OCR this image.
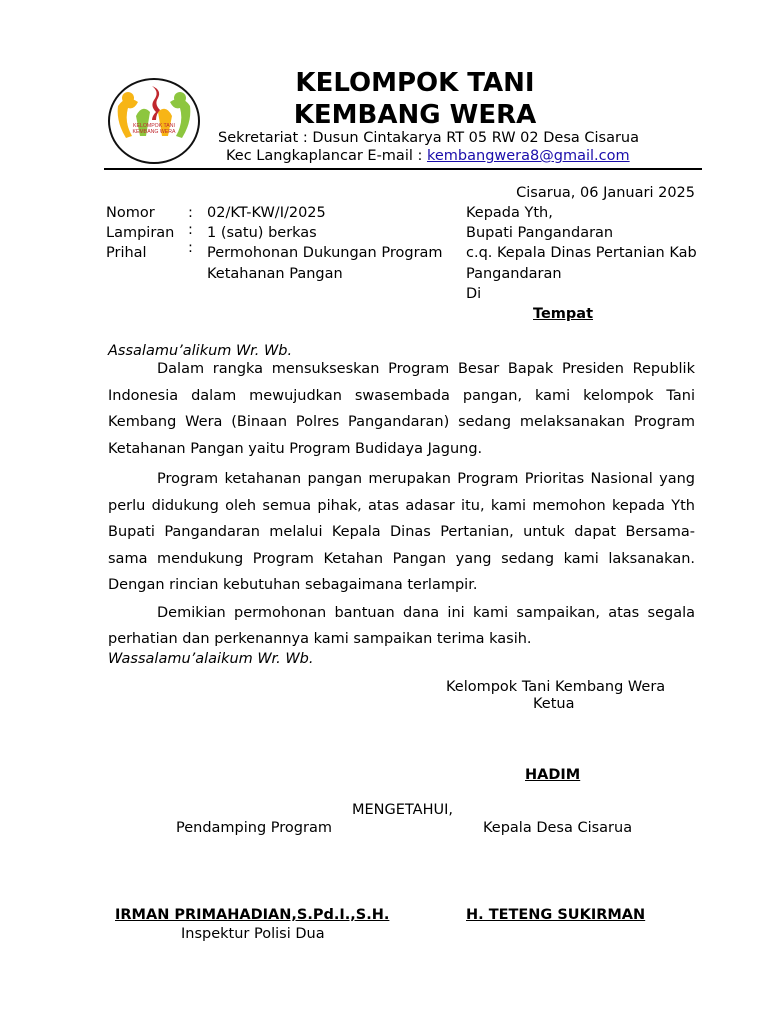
KELOMPOK TANI
KEMBANG WERA
KELOMPOK TANI
KEMBANG WERA
Sekretariat : Dusun Cintakarya RT 05 RW 02 Desa Cisarua
Kec Langkaplancar E-mail : kembangwera8@gmail.com
Cisarua, 06 Januari 2025
Nomor : 02/KT-KW/I/2025
Lampiran : 1 (satu) berkas
Prihal	: Permohonan Dukungan Program
Ketahanan Pangan
Kepada Yth,
Bupati Pangandaran
c.q. Kepala Dinas Pertanian Kab
Pangandaran
Di
Tempat
Assalamu’alikum Wr. Wb.

Dalam rangka mensukseskan Program Besar Bapak Presiden Republik Indonesia dalam mewujudkan swasembada pangan, kami kelompok Tani Kembang Wera (Binaan Polres Pangandaran) sedang melaksanakan Program Ketahanan Pangan yaitu Program Budidaya Jagung.

Program ketahanan pangan merupakan Program Prioritas Nasional yang perlu didukung oleh semua pihak, atas adasar itu, kami memohon kepada Yth Bupati Pangandaran melalui Kepala Dinas Pertanian, untuk dapat Bersama-sama mendukung Program Ketahan Pangan yang sedang kami laksanakan. Dengan rincian kebutuhan sebagaimana terlampir.

Demikian permohonan bantuan dana ini kami sampaikan, atas segala perhatian dan perkenannya kami sampaikan terima kasih.

Wassalamu’alaikum Wr. Wb.
Kelompok Tani Kembang Wera
Ketua
HADIM
MENGETAHUI,
Pendamping Program	Kepala Desa Cisarua
IRMAN PRIMAHADIAN,S.Pd.I.,S.H.
Inspektur Polisi Dua
H. TETENG SUKIRMAN
